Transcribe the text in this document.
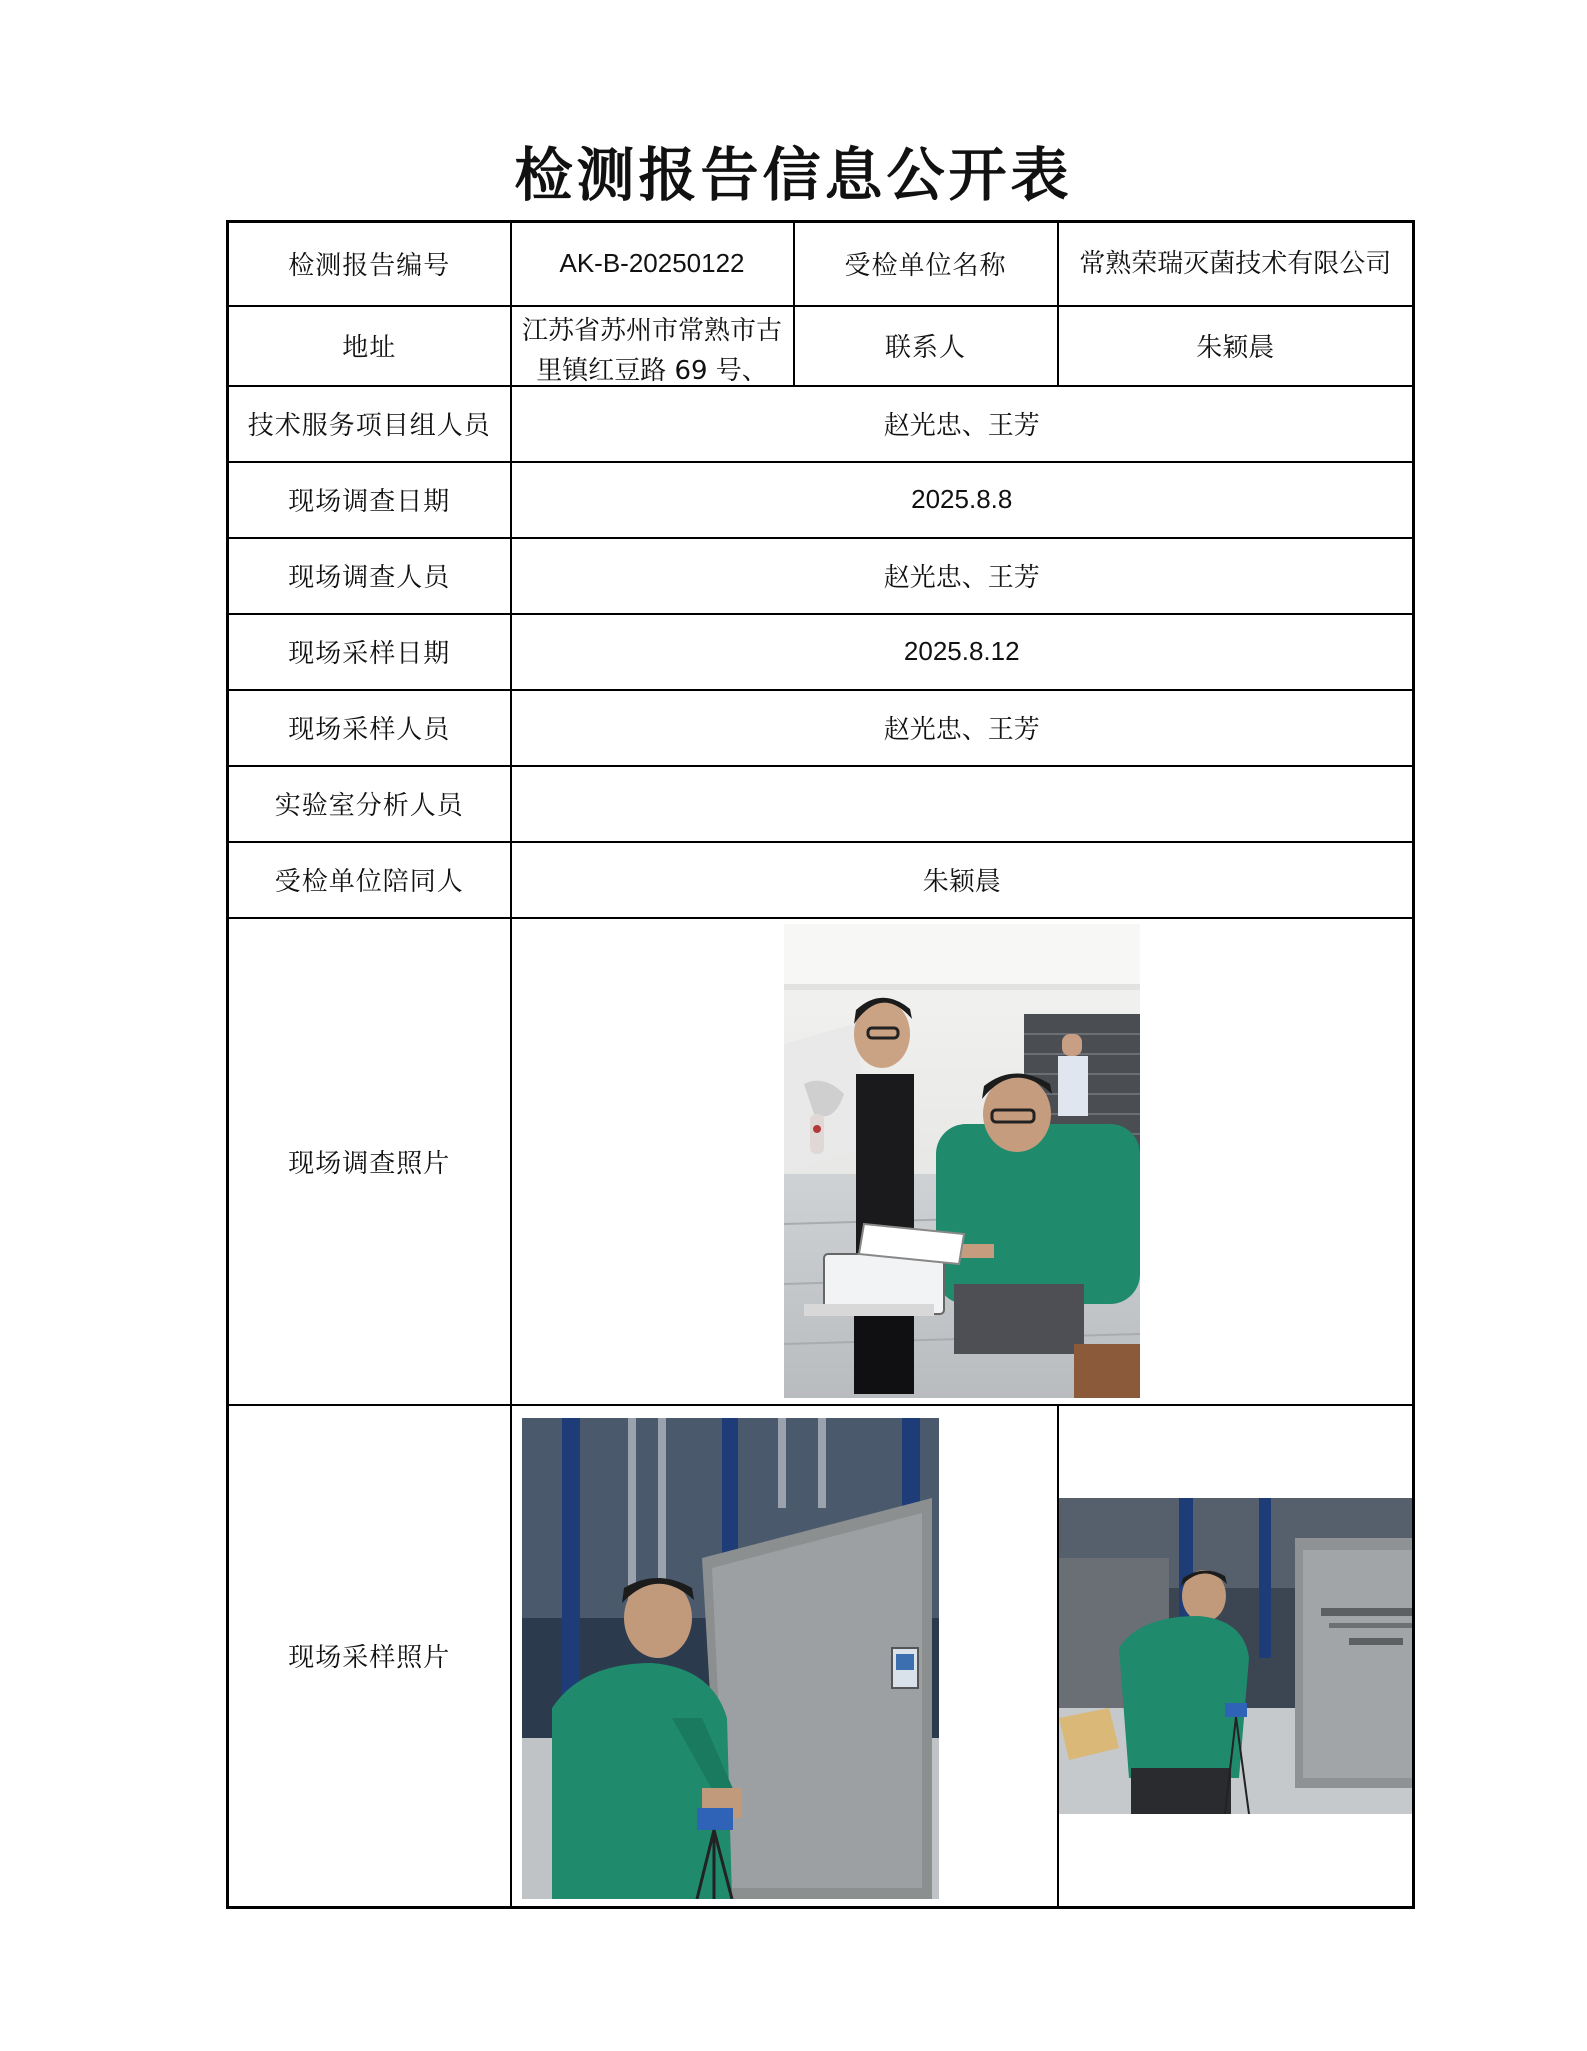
检测报告信息公开表
检测报告编号	AK-B-20250122	受检单位名称	常熟荣瑞灭菌技术有限公司
地址	江苏省苏州市常熟市古里镇红豆路 69 号、	联系人	朱颖晨
技术服务项目组人员	赵光忠、王芳		
现场调查日期	2025.8.8		
现场调查人员	赵光忠、王芳		
现场采样日期	2025.8.12		
现场采样人员	赵光忠、王芳		
实验室分析人员			
受检单位陪同人	朱颖晨		
现场调查照片	

现场采样照片		
